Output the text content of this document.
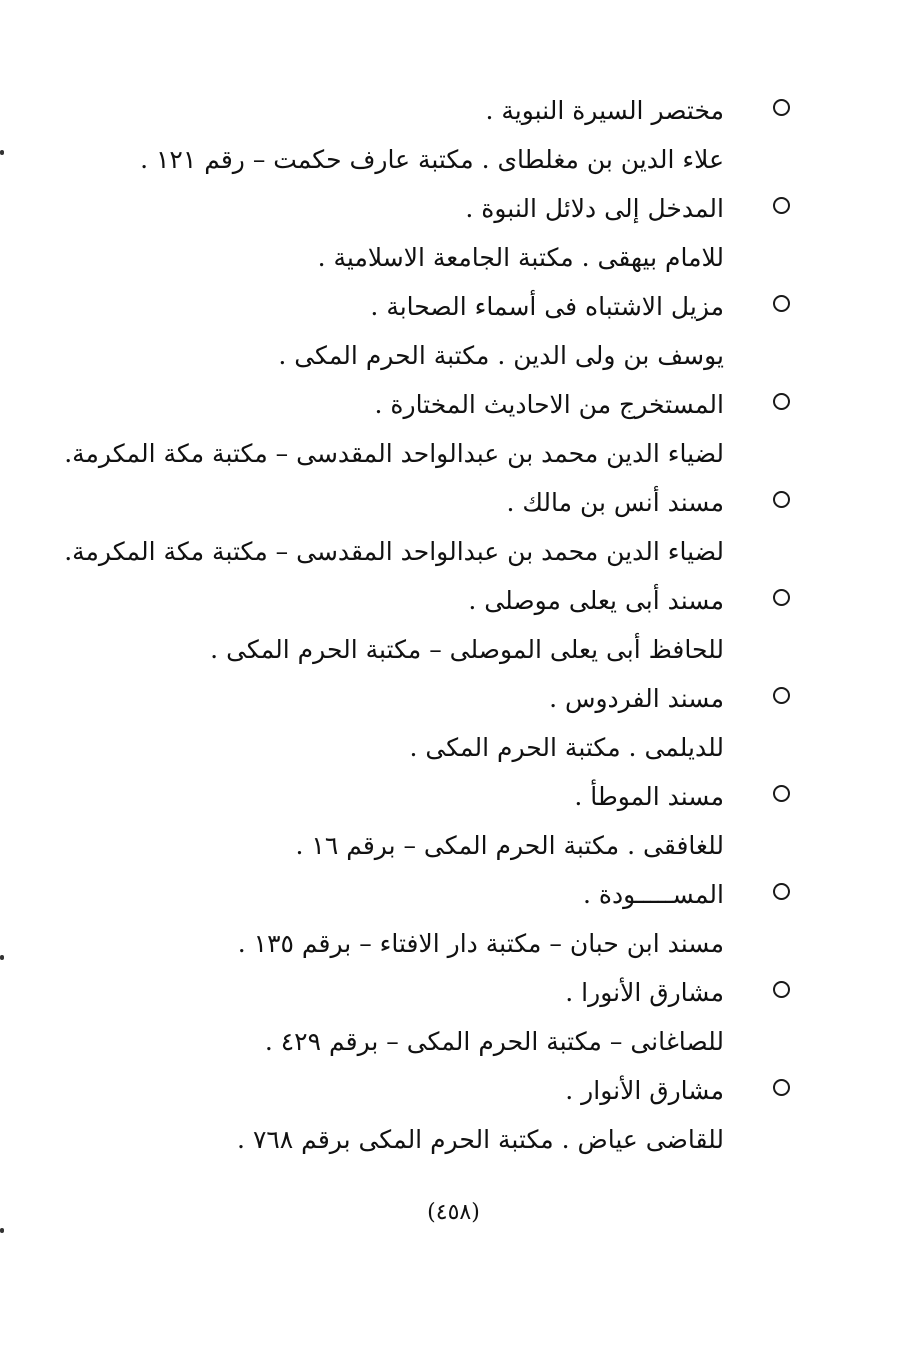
مختصر السيرة النبوية .
علاء الدين بن مغلطاى . مكتبة عارف حكمت – رقم ١٢١ .
المدخل إلى دلائل النبوة .
للامام بيهقى . مكتبة الجامعة الاسلامية .
مزيل الاشتباه فى أسماء الصحابة .
يوسف بن ولى الدين . مكتبة الحرم المكى .
المستخرج من الاحاديث المختارة .
لضياء الدين محمد بن عبدالواحد المقدسى – مكتبة مكة المكرمة.
مسند أنس بن مالك .
لضياء الدين محمد بن عبدالواحد المقدسى – مكتبة مكة المكرمة.
مسند أبى يعلى موصلى .
للحافظ أبى يعلى الموصلى – مكتبة الحرم المكى .
مسند الفردوس .
للديلمى . مكتبة الحرم المكى .
مسند الموطأ .
للغافقى . مكتبة الحرم المكى – برقم ١٦ .
المســـــودة .
مسند ابن حبان – مكتبة دار الافتاء – برقم ١٣٥ .
مشارق الأنورا .
للصاغانى – مكتبة الحرم المكى – برقم ٤٢٩ .
مشارق الأنوار .
للقاضى عياض . مكتبة الحرم المكى برقم ٧٦٨ .
(٤٥٨)
